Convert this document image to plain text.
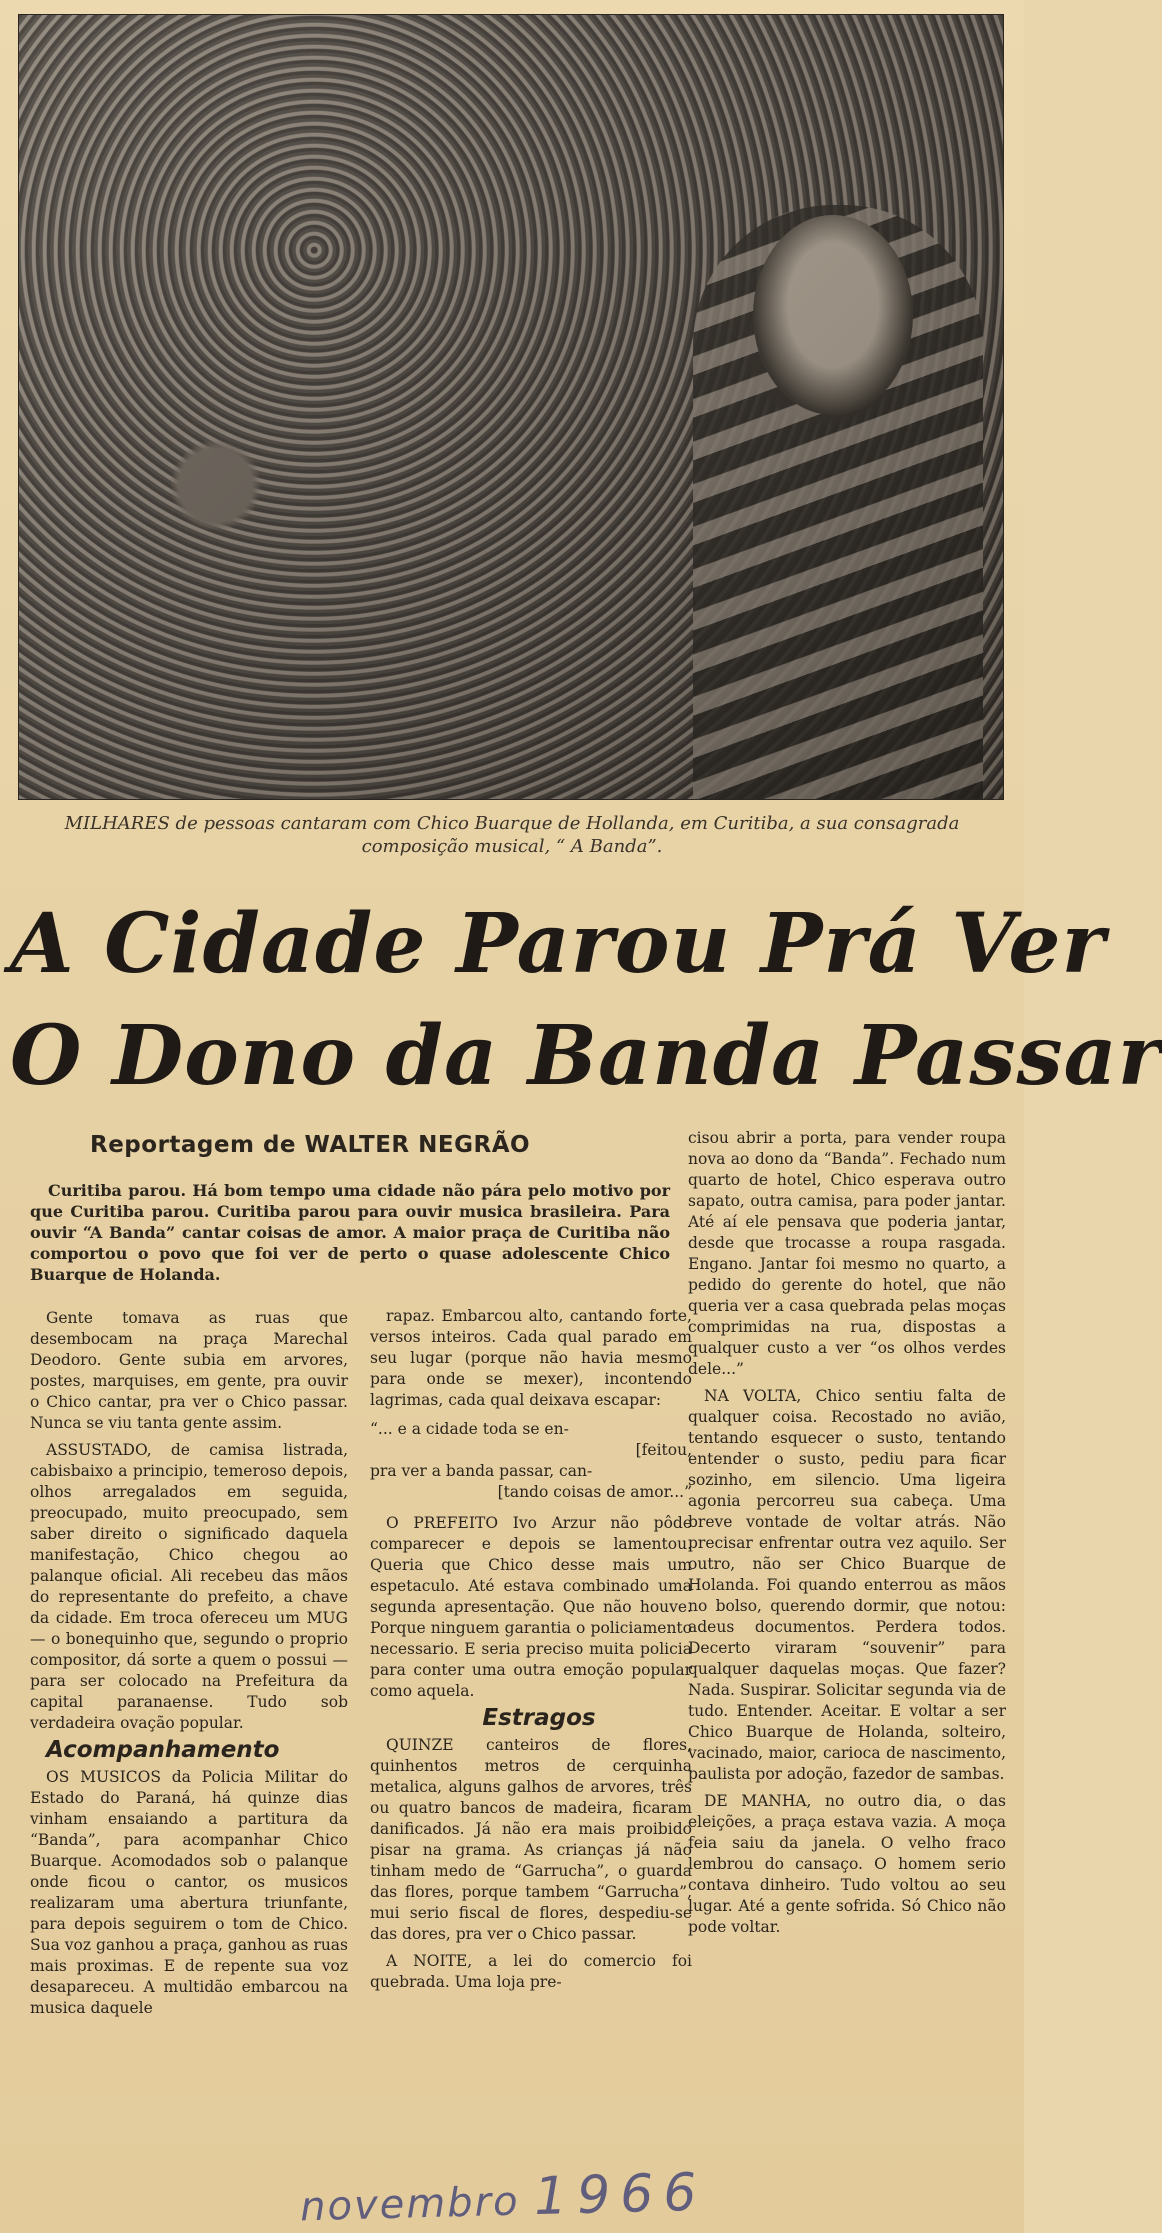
MILHARES de pessoas cantaram com Chico Buarque de Hollanda, em Curitiba, a sua consagrada composição musical, “ A Banda”.

A Cidade Parou Prá Ver
O Dono da Banda Passar

Reportagem de WALTER NEGRÃO

Curitiba parou. Há bom tempo uma cidade não pára pelo motivo por que Curitiba parou. Curitiba parou para ouvir musica brasileira. Para ouvir “A Banda” cantar coisas de amor. A maior praça de Curitiba não comportou o povo que foi ver de perto o quase adolescente Chico Buarque de Holanda.

Gente tomava as ruas que desembocam na praça Marechal Deodoro. Gente subia em arvores, postes, marquises, em gente, pra ouvir o Chico cantar, pra ver o Chico passar. Nunca se viu tanta gente assim.

ASSUSTADO, de camisa listrada, cabisbaixo a principio, temeroso depois, olhos arregalados em seguida, preocupado, muito preocupado, sem saber direito o significado daquela manifestação, Chico chegou ao palanque oficial. Ali recebeu das mãos do representante do prefeito, a chave da cidade. Em troca ofereceu um MUG — o bonequinho que, segundo o proprio compositor, dá sorte a quem o possui — para ser colocado na Prefeitura da capital paranaense. Tudo sob verdadeira ovação popular.

Acompanhamento

OS MUSICOS da Policia Militar do Estado do Paraná, há quinze dias vinham ensaiando a partitura da “Banda”, para acompanhar Chico Buarque. Acomodados sob o palanque onde ficou o cantor, os musicos realizaram uma abertura triunfante, para depois seguirem o tom de Chico. Sua voz ganhou a praça, ganhou as ruas mais proximas. E de repente sua voz desapareceu. A multidão embarcou na musica daquele

rapaz. Embarcou alto, cantando forte, versos inteiros. Cada qual parado em seu lugar (porque não havia mesmo para onde se mexer), incontendo lagrimas, cada qual deixava escapar:

“... e a cidade toda se en-
[feitou,
pra ver a banda passar, can-
[tando coisas de amor...”

O PREFEITO Ivo Arzur não pôde comparecer e depois se lamentou. Queria que Chico desse mais um espetaculo. Até estava combinado uma segunda apresentação. Que não houve. Porque ninguem garantia o policiamento necessario. E seria preciso muita policia para conter uma outra emoção popular como aquela.

Estragos

QUINZE canteiros de flores, quinhentos metros de cerquinha metalica, alguns galhos de arvores, três ou quatro bancos de madeira, ficaram danificados. Já não era mais proibido pisar na grama. As crianças já não tinham medo de “Garrucha”, o guarda das flores, porque tambem “Garrucha”, mui serio fiscal de flores, despediu-se das dores, pra ver o Chico passar.

A NOITE, a lei do comercio foi quebrada. Uma loja pre-

cisou abrir a porta, para vender roupa nova ao dono da “Banda”. Fechado num quarto de hotel, Chico esperava outro sapato, outra camisa, para poder jantar. Até aí ele pensava que poderia jantar, desde que trocasse a roupa rasgada. Engano. Jantar foi mesmo no quarto, a pedido do gerente do hotel, que não queria ver a casa quebrada pelas moças comprimidas na rua, dispostas a qualquer custo a ver “os olhos verdes dele...”

NA VOLTA, Chico sentiu falta de qualquer coisa. Recostado no avião, tentando esquecer o susto, tentando entender o susto, pediu para ficar sozinho, em silencio. Uma ligeira agonia percorreu sua cabeça. Uma breve vontade de voltar atrás. Não precisar enfrentar outra vez aquilo. Ser outro, não ser Chico Buarque de Holanda. Foi quando enterrou as mãos no bolso, querendo dormir, que notou: adeus documentos. Perdera todos. Decerto viraram “souvenir” para qualquer daquelas moças. Que fazer? Nada. Suspirar. Solicitar segunda via de tudo. Entender. Aceitar. E voltar a ser Chico Buarque de Holanda, solteiro, vacinado, maior, carioca de nascimento, paulista por adoção, fazedor de sambas.

DE MANHA, no outro dia, o das eleições, a praça estava vazia. A moça feia saiu da janela. O velho fraco lembrou do cansaço. O homem serio contava dinheiro. Tudo voltou ao seu lugar. Até a gente sofrida. Só Chico não pode voltar.

novembro 1966
